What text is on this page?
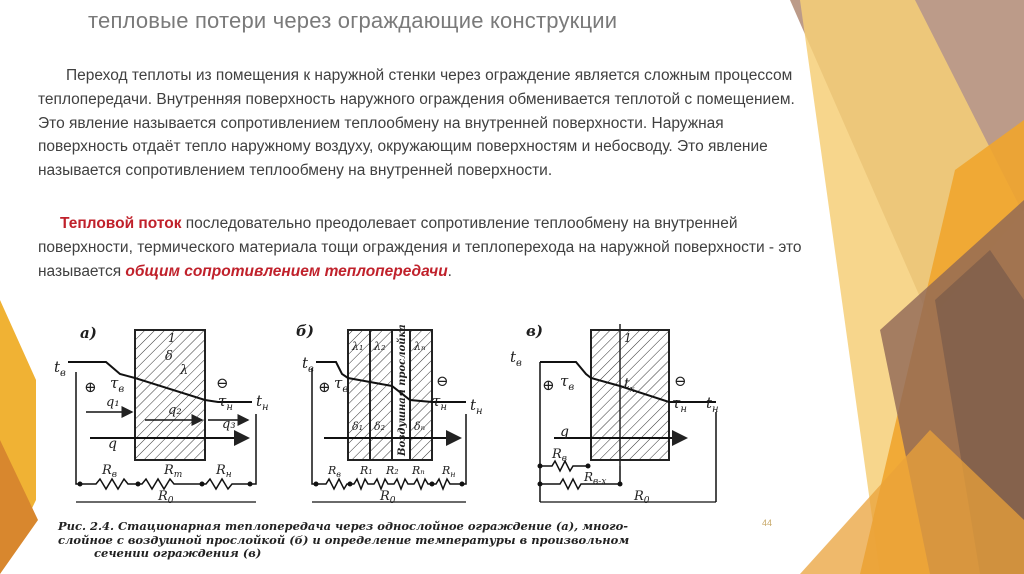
тепловые потери через ограждающие конструкции
Переход теплоты из помещения к наружной стенки через ограждение является сложным процессом теплопередачи. Внутренняя поверхность наружного ограждения обменивается теплотой с помещением. Это явление называется сопротивлением теплообмену на внутренней поверхности. Наружная поверхность отдаёт тепло наружному воздуху, окружающим поверхностям и небосводу. Это явление называется сопротивлением теплообмену на внутренней поверхности.
Тепловой поток последовательно преодолевает сопротивление теплообмену на внутренней поверхности, термического материала тощи ограждения и теплоперехода на наружной поверхности - это называется общим сопротивлением теплопередачи.
а)	1
δ
λ
$t_в$
⊕ $\tau_в$	⊖
$\tau_н$ $t_н$
q₁
q₂
q₃
q
$R_в$	$R_т$	$R_н$
$R_0$
б)	Воздушная прослойка
λ₁ λ₂	λₙ
δ₁ δ₂	δₙ
$t_в$
⊕ $\tau_в$	⊖
$\tau_н$ $t_н$
$R_в$ R₁ R₂ Rₙ $R_н$
$R_0$
в)	1
$t_в$
⊕ $\tau_в$	$t_x$	⊖
$\tau_н$ $t_н$
q
$R_в$
$R_{в-x}$
$R_0$
Рис. 2.4. Стационарная теплопередача через однослойное ограждение (а), много-
слойное с воздушной прослойкой (б) и определение температуры в произвольном
сечении ограждения (в)
44
